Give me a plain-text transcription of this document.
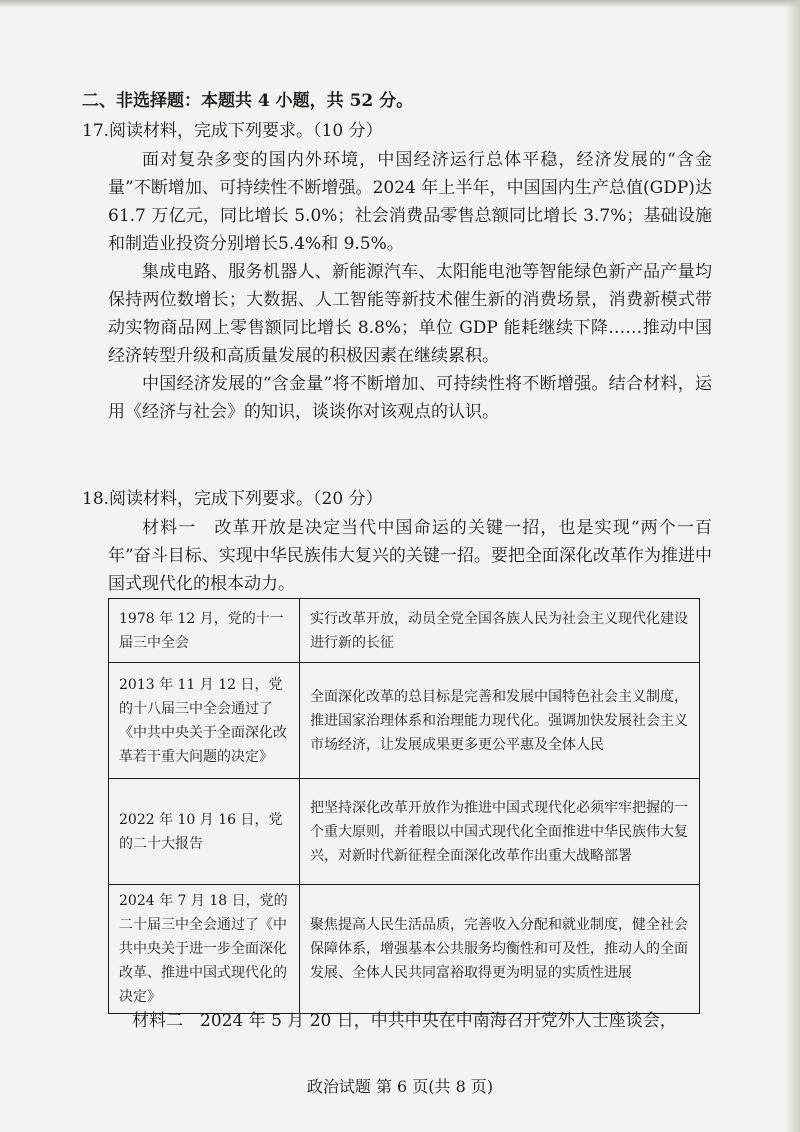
二、非选择题：本题共 4 小题，共 52 分。

17.阅读材料，完成下列要求。（10 分）

面对复杂多变的国内外环境，中国经济运行总体平稳，经济发展的“含金量”不断增加、可持续性不断增强。2024 年上半年，中国国内生产总值(GDP)达 61.7 万亿元，同比增长 5.0%；社会消费品零售总额同比增长 3.7%；基础设施和制造业投资分别增长5.4%和 9.5%。

集成电路、服务机器人、新能源汽车、太阳能电池等智能绿色新产品产量均保持两位数增长；大数据、人工智能等新技术催生新的消费场景，消费新模式带动实物商品网上零售额同比增长 8.8%；单位 GDP 能耗继续下降……推动中国经济转型升级和高质量发展的积极因素在继续累积。

中国经济发展的“含金量”将不断增加、可持续性将不断增强。结合材料，运用《经济与社会》的知识，谈谈你对该观点的认识。

18.阅读材料，完成下列要求。（20 分）

材料一　改革开放是决定当代中国命运的关键一招，也是实现“两个一百年”奋斗目标、实现中华民族伟大复兴的关键一招。要把全面深化改革作为推进中国式现代化的根本动力。

1978 年 12 月，党的十一届三中全会	实行改革开放，动员全党全国各族人民为社会主义现代化建设进行新的长征
2013 年 11 月 12 日，党的十八届三中全会通过了《中共中央关于全面深化改革若干重大问题的决定》	全面深化改革的总目标是完善和发展中国特色社会主义制度，推进国家治理体系和治理能力现代化。强调加快发展社会主义市场经济，让发展成果更多更公平惠及全体人民
2022 年 10 月 16 日，党的二十大报告	把坚持深化改革开放作为推进中国式现代化必须牢牢把握的一个重大原则，并着眼以中国式现代化全面推进中华民族伟大复兴，对新时代新征程全面深化改革作出重大战略部署
2024 年 7 月 18 日，党的二十届三中全会通过了《中共中央关于进一步全面深化改革、推进中国式现代化的决定》	聚焦提高人民生活品质，完善收入分配和就业制度，健全社会保障体系，增强基本公共服务均衡性和可及性，推动人的全面发展、全体人民共同富裕取得更为明显的实质性进展

材料二　2024 年 5 月 20 日，中共中央在中南海召开党外人士座谈会，

政治试题 第 6 页(共 8 页)
